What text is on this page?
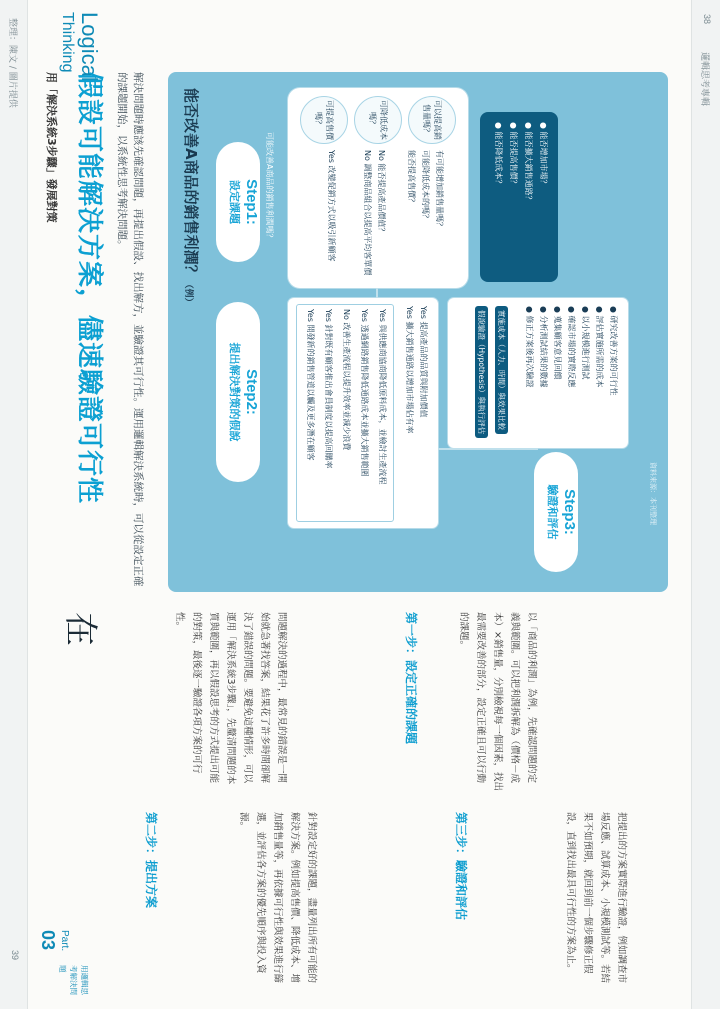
38
邏輯思考專輯
39
整理：陳文 / 圖片提供	Logical
Thinking
Part.
03
用邏輯思考解決問題
用「解決系統3步驟」發展對策 假設可能解決方案，儘速驗證可行性	解決問題時應該先確認問題，再提出假設、找出解方，並驗證其可行性。運用邏輯解決系統時，可以從設定正確的課題開始，以系統性思考解決問題。	能否改善A商品的銷售利潤？（例）
Step1:
設定課題	可能改善A商品的銷售利潤嗎？
Step2:
提出解決對策的假說
Step3:
驗證和評估
可以提高銷售量嗎？
可降低成本嗎？
可提高售價嗎？
有可能增加銷售量嗎？
可能降低成本的嗎？
能否提高售價？
No 能否提高產品價值？
No 調整商品組合以提高平均客單價
Yes 改變促銷方式以吸引新顧客	● 能否增加市場？
● 能否擴大銷售通路？
● 能否提高售價？
● 能否降低成本？
Yes 提高產品的品質與附加價值
Yes 擴大銷售通路以增加市場佔有率
Yes 與供應商協商降低原料成本，並檢討生產流程
Yes 透過網路銷售降低通路成本並擴大銷售範圍
No 改善生產流程以提升效率並減少浪費
Yes 針對既有顧客推出會員制度以提高回購率
Yes 開發新的銷售管道以觸及更多潛在顧客	● 研究改善方案的可行性
● 評估實施所需的成本
● 以小規模進行測試
● 確認市場的實際反應
● 蒐集顧客意見回饋
● 分析測試結果的數據
● 修正方案後再次驗證
實施成本（人力、時間）與效果比較
假說驗證（Hypothesis）與執行評估
資料來源：本刊整理
在	問題解決的過程中，最常見的錯誤是一開始就急著找答案，結果花了許多時間卻解決了錯誤的問題。要避免這種情形，可以運用「解決系統3步驟」，先釐清問題的本質與範圍，再以假設思考的方式提出可能的對策，最後逐一驗證各項方案的可行性。	第一步：設定正確的課題	以「商品的利潤」為例，先確認問題的定義與範圍。可以把利潤拆解為（價格－成本）×銷售量，分別檢視每一個因素，找出最需要改善的部分，設定正確且可以行動的課題。
第二步：提出方案	針對設定好的課題，盡量列出所有可能的解決方案。例如提高售價、降低成本、增加銷售量等，再依據可行性與效果進行篩選，並評估各方案的優先順序與投入資源。	第三步：驗證和評估	把提出的方案實際進行驗證，例如調查市場反應、試算成本、小規模測試等。若結果不如預期，就回到前一個步驟修正假設，直到找出最具可行性的方案為止。
